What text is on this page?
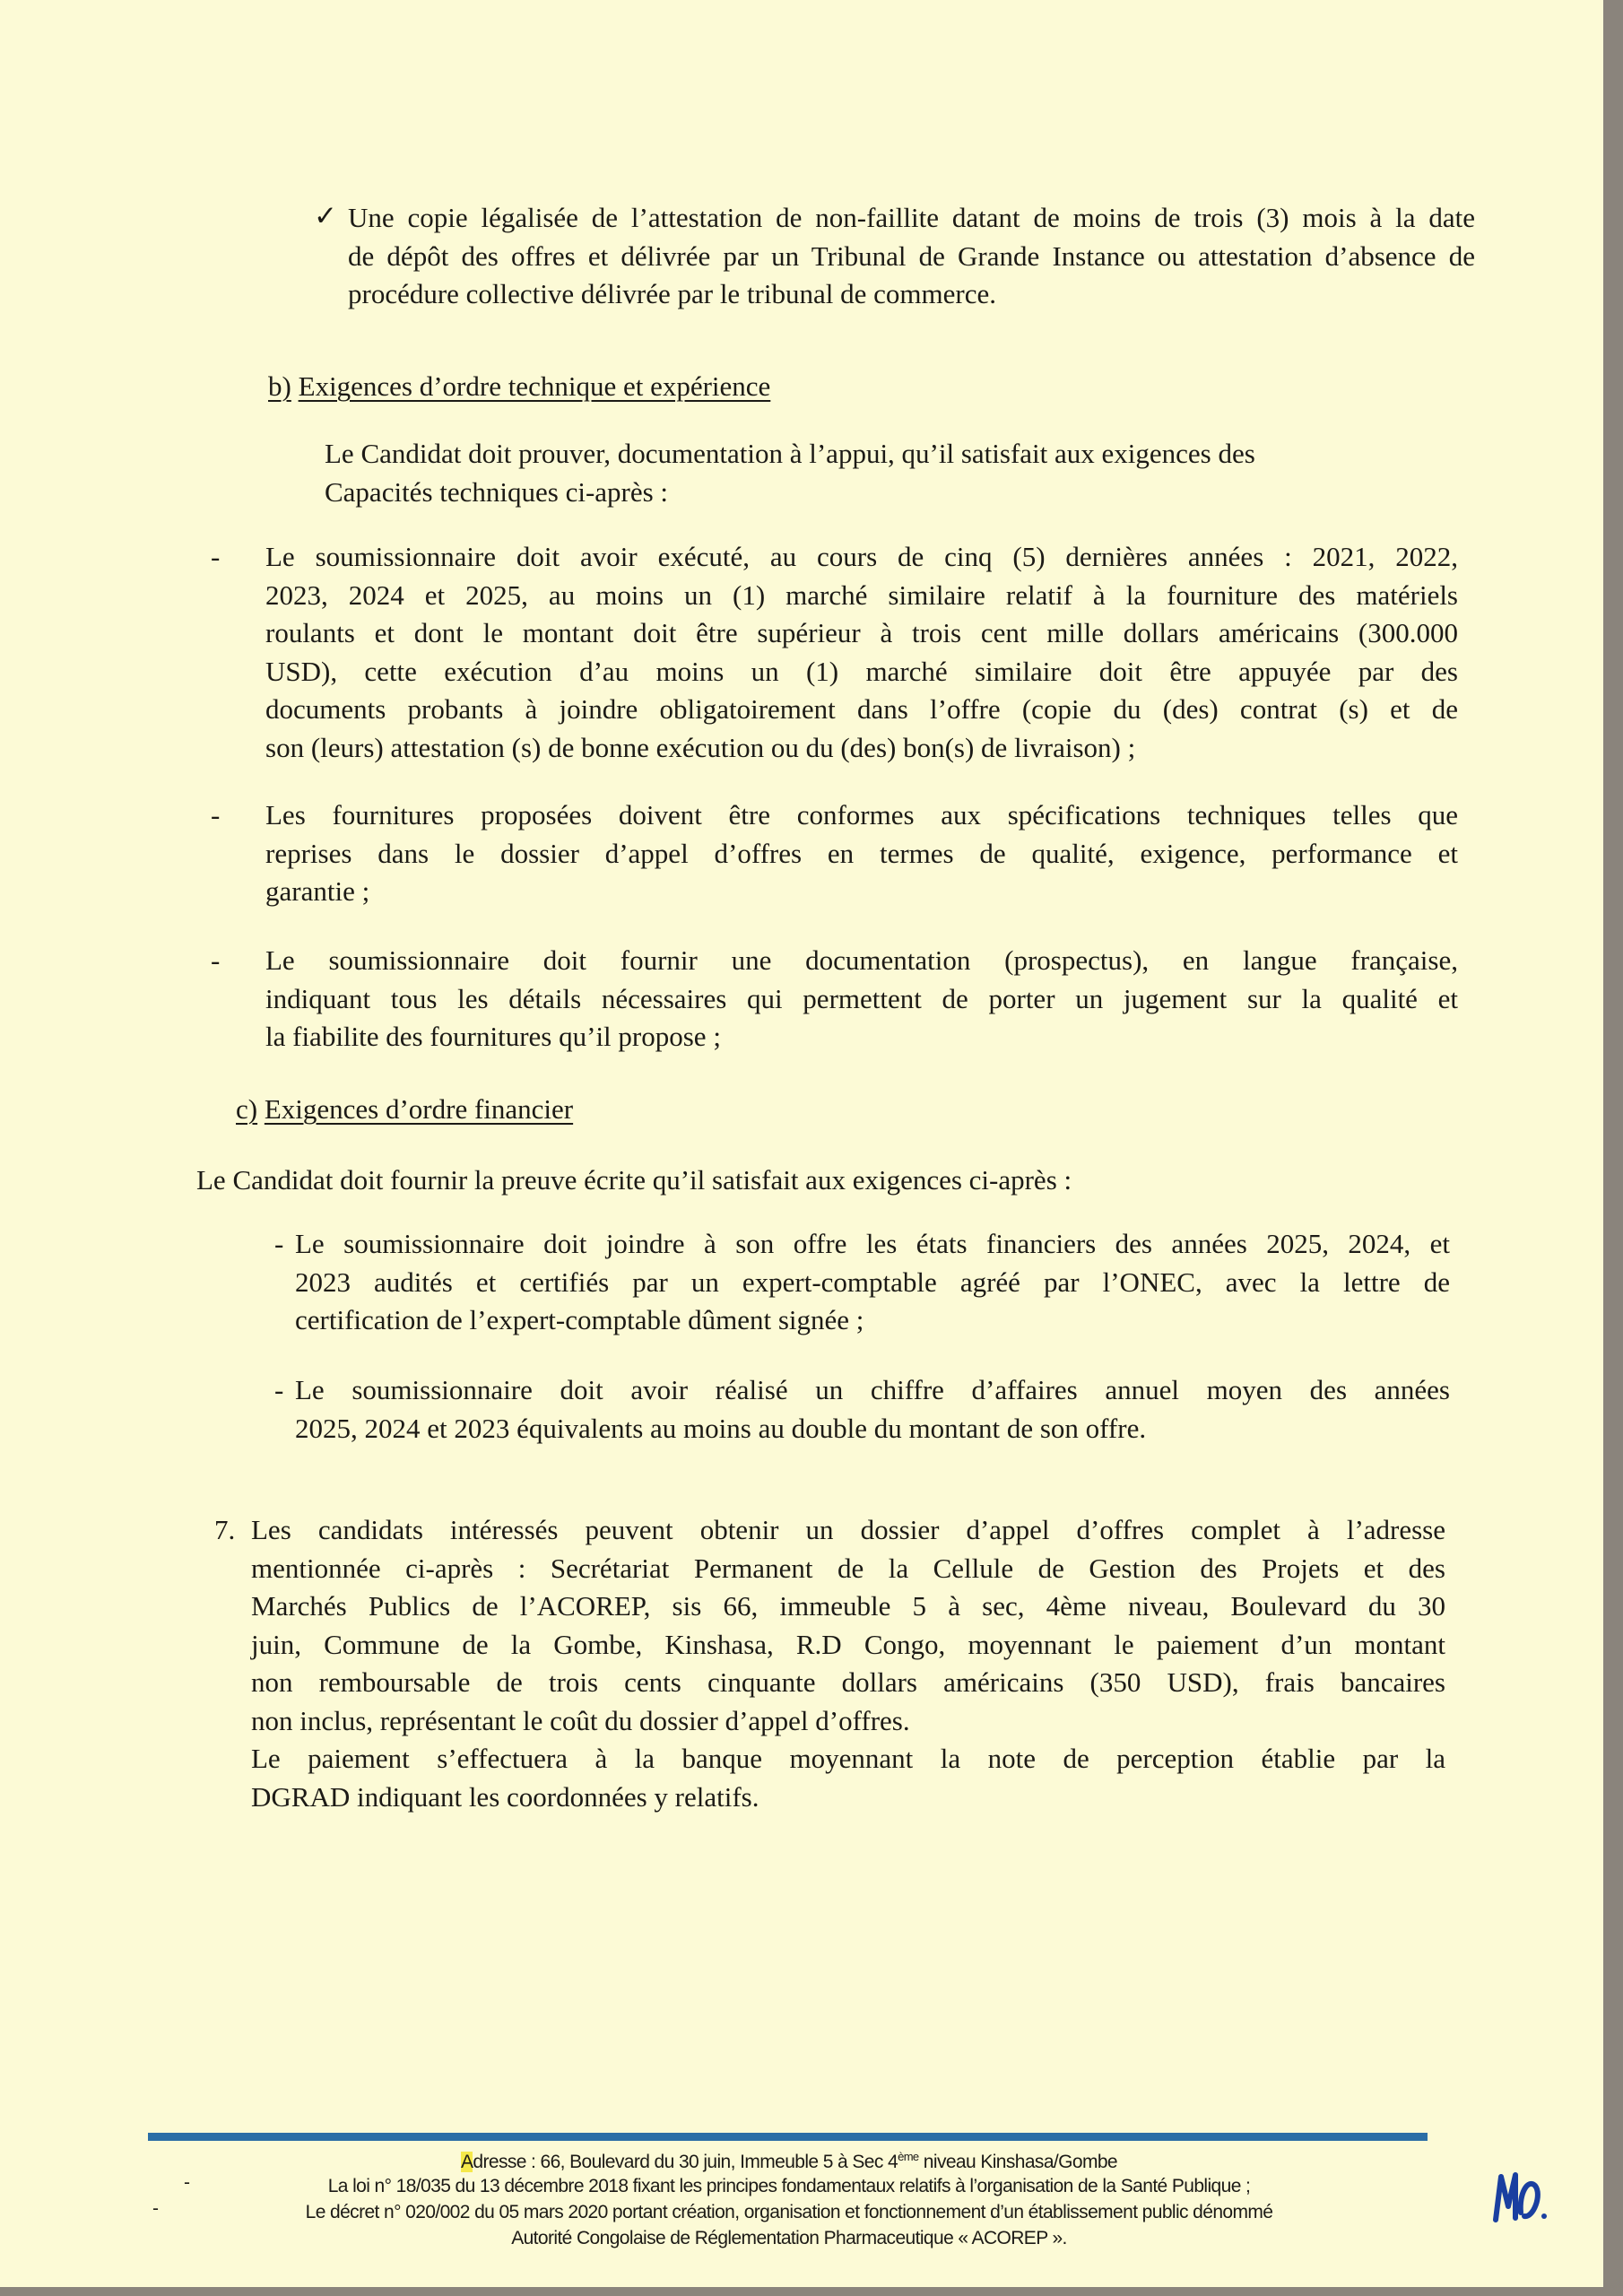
✓ Une copie légalisée de l’attestation de non-faillite datant de moins de trois (3) mois à la date
de dépôt des offres et délivrée par un Tribunal de Grande Instance ou attestation d’absence de
procédure collective délivrée par le tribunal de commerce.
b) Exigences d’ordre technique et expérience
Le Candidat doit prouver, documentation à l’appui, qu’il satisfait aux exigences des
Capacités techniques ci-après :
- Le soumissionnaire doit avoir exécuté, au cours de cinq (5) dernières années : 2021, 2022,
2023, 2024 et 2025, au moins un (1) marché similaire relatif à la fourniture des matériels
roulants et dont le montant doit être supérieur à trois cent mille dollars américains (300.000
USD), cette exécution d’au moins un (1) marché similaire doit être appuyée par des
documents probants à joindre obligatoirement dans l’offre (copie du (des) contrat (s) et de
son (leurs) attestation (s) de bonne exécution ou du (des) bon(s) de livraison) ;
- Les fournitures proposées doivent être conformes aux spécifications techniques telles que
reprises dans le dossier d’appel d’offres en termes de qualité, exigence, performance et
garantie ;
- Le soumissionnaire doit fournir une documentation (prospectus), en langue française,
indiquant tous les détails nécessaires qui permettent de porter un jugement sur la qualité et
la fiabilite des fournitures qu’il propose ;
c) Exigences d’ordre financier
Le Candidat doit fournir la preuve écrite qu’il satisfait aux exigences ci-après :
- Le soumissionnaire doit joindre à son offre les états financiers des années 2025, 2024, et
2023 audités et certifiés par un expert-comptable agréé par l’ONEC, avec la lettre de
certification de l’expert-comptable dûment signée ;
- Le soumissionnaire doit avoir réalisé un chiffre d’affaires annuel moyen des années
2025, 2024 et 2023 équivalents au moins au double du montant de son offre.
7. Les candidats intéressés peuvent obtenir un dossier d’appel d’offres complet à l’adresse
mentionnée ci-après : Secrétariat Permanent de la Cellule de Gestion des Projets et des
Marchés Publics de l’ACOREP, sis 66, immeuble 5 à sec, 4ème niveau, Boulevard du 30
juin, Commune de la Gombe, Kinshasa, R.D Congo, moyennant le paiement d’un montant
non remboursable de trois cents cinquante dollars américains (350 USD), frais bancaires
non inclus, représentant le coût du dossier d’appel d’offres.
Le paiement s’effectuera à la banque moyennant la note de perception établie par la
DGRAD indiquant les coordonnées y relatifs.
Adresse : 66, Boulevard du 30 juin, Immeuble 5 à Sec 4ème niveau Kinshasa/Gombe
-	La loi n° 18/035 du 13 décembre 2018 fixant les principes fondamentaux relatifs à l’organisation de la Santé Publique ;
-	Le décret n° 020/002 du 05 mars 2020 portant création, organisation et fonctionnement d’un établissement public dénommé
Autorité Congolaise de Réglementation Pharmaceutique « ACOREP ».
